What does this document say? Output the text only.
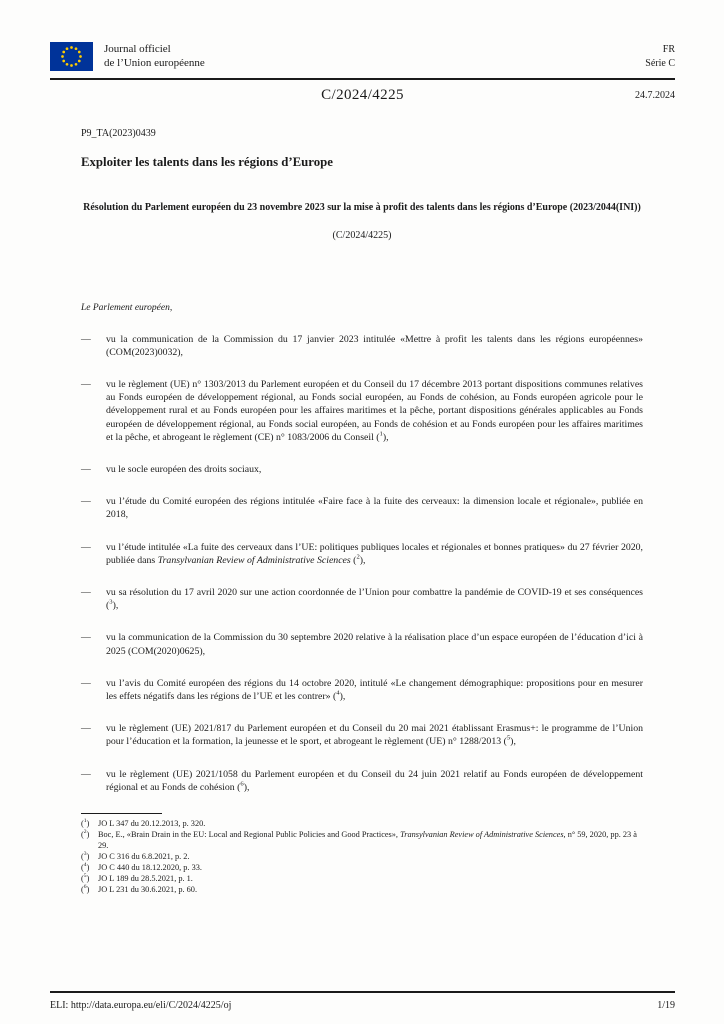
Journal officiel
de l’Union européenne
FR
Série C
C/2024/4225	24.7.2024
P9_TA(2023)0439
Exploiter les talents dans les régions d’Europe
Résolution du Parlement européen du 23 novembre 2023 sur la mise à profit des talents dans les régions d’Europe (2023/2044(INI))
(C/2024/4225)
Le Parlement européen,
—	vu la communication de la Commission du 17 janvier 2023 intitulée «Mettre à profit les talents dans les régions européennes» (COM(2023)0032),
—	vu le règlement (UE) n° 1303/2013 du Parlement européen et du Conseil du 17 décembre 2013 portant dispositions communes relatives au Fonds européen de développement régional, au Fonds social européen, au Fonds de cohésion, au Fonds européen agricole pour le développement rural et au Fonds européen pour les affaires maritimes et la pêche, portant dispositions générales applicables au Fonds européen de développement régional, au Fonds social européen, au Fonds de cohésion et au Fonds européen pour les affaires maritimes et la pêche, et abrogeant le règlement (CE) n° 1083/2006 du Conseil ($^1$),
—	vu le socle européen des droits sociaux,
—	vu l’étude du Comité européen des régions intitulée «Faire face à la fuite des cerveaux: la dimension locale et régionale», publiée en 2018,
—	vu l’étude intitulée «La fuite des cerveaux dans l’UE: politiques publiques locales et régionales et bonnes pratiques» du 27 février 2020, publiée dans Transylvanian Review of Administrative Sciences ($^2$),
—	vu sa résolution du 17 avril 2020 sur une action coordonnée de l’Union pour combattre la pandémie de COVID-19 et ses conséquences ($^3$),
—	vu la communication de la Commission du 30 septembre 2020 relative à la réalisation place d’un espace européen de l’éducation d’ici à 2025 (COM(2020)0625),
—	vu l’avis du Comité européen des régions du 14 octobre 2020, intitulé «Le changement démographique: propositions pour en mesurer les effets négatifs dans les régions de l’UE et les contrer» ($^4$),
—	vu le règlement (UE) 2021/817 du Parlement européen et du Conseil du 20 mai 2021 établissant Erasmus+: le programme de l’Union pour l’éducation et la formation, la jeunesse et le sport, et abrogeant le règlement (UE) n° 1288/2013 ($^5$),
—	vu le règlement (UE) 2021/1058 du Parlement européen et du Conseil du 24 juin 2021 relatif au Fonds européen de développement régional et au Fonds de cohésion ($^6$),
($^1$)	JO L 347 du 20.12.2013, p. 320.
($^2$)	Boc, E., «Brain Drain in the EU: Local and Regional Public Policies and Good Practices», Transylvanian Review of Administrative Sciences, n° 59, 2020, pp. 23 à 29.
($^3$)	JO C 316 du 6.8.2021, p. 2.
($^4$)	JO C 440 du 18.12.2020, p. 33.
($^5$)	JO L 189 du 28.5.2021, p. 1.
($^6$)	JO L 231 du 30.6.2021, p. 60.
ELI: http://data.europa.eu/eli/C/2024/4225/oj	1/19
